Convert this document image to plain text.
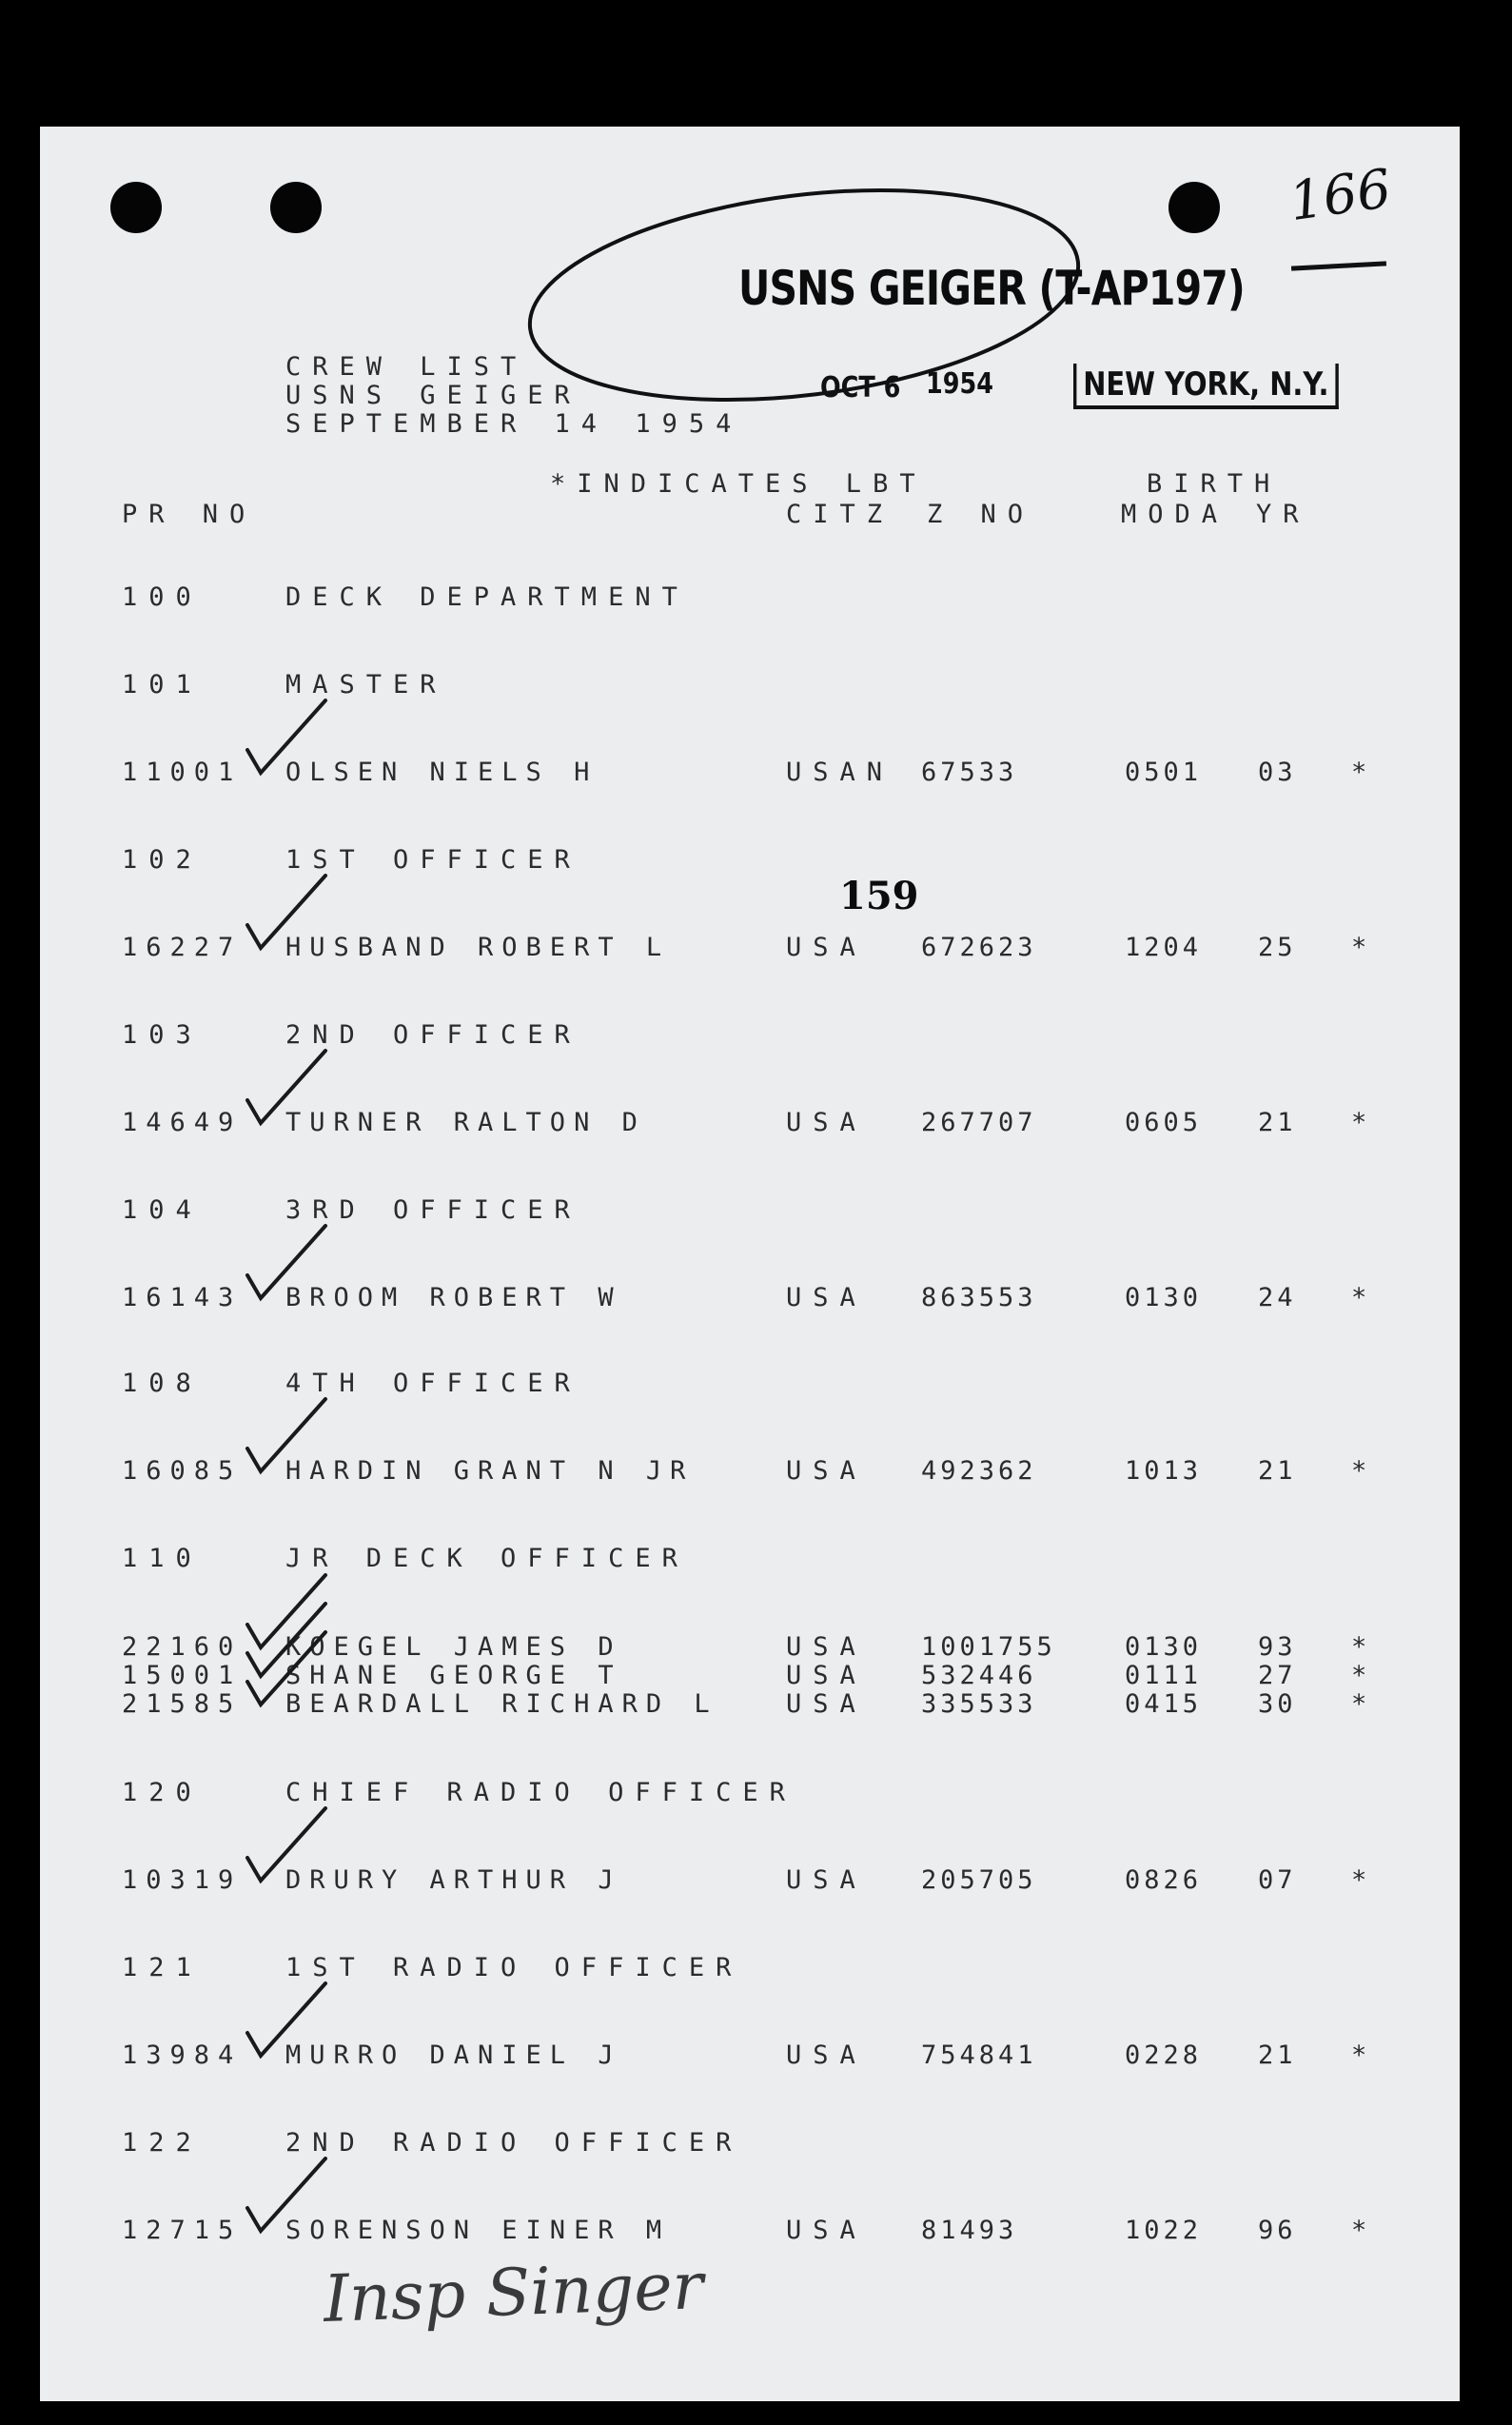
166
USNS GEIGER (T-AP197)
OCT 6 1954	NEW YORK, N.Y.
CREW LIST
USNS GEIGER
SEPTEMBER 14 1954
*INDICATES LBT	BIRTH
PR NO	CITZ Z NO	MODA YR
159
100	DECK DEPARTMENT
101	MASTER
11001 OLSEN NIELS H	USAN 67533	0501 03 *
102	1ST OFFICER
16227 HUSBAND ROBERT L	USA 672623	1204 25 *
103	2ND OFFICER
14649 TURNER RALTON D	USA 267707	0605 21 *
104	3RD OFFICER
16143 BROOM ROBERT W	USA 863553	0130 24 *
108	4TH OFFICER
16085 HARDIN GRANT N JR	USA 492362	1013 21 *
110	JR DECK OFFICER
22160 KOEGEL JAMES D	USA 1001755	0130 93 *
15001 SHANE GEORGE T	USA 532446	0111 27 *
21585 BEARDALL RICHARD L	USA 335533	0415 30 *
120	CHIEF RADIO OFFICER
10319 DRURY ARTHUR J	USA 205705	0826 07 *
121	1ST RADIO OFFICER
13984 MURRO DANIEL J	USA 754841	0228 21 *
122	2ND RADIO OFFICER
12715 SORENSON EINER M	USA 81493	1022 96 *
Insp Singer
